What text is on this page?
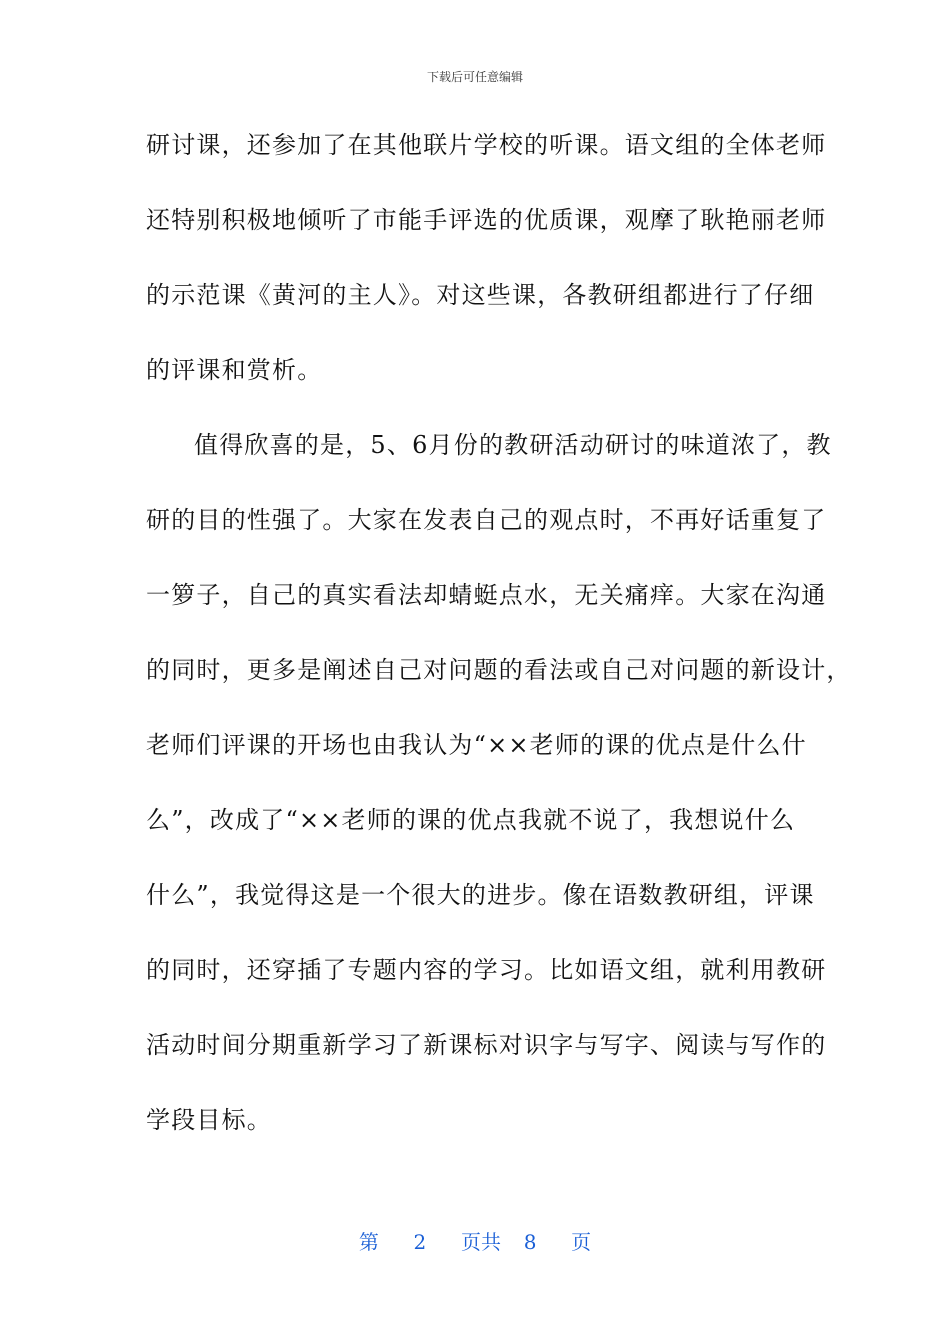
下载后可任意编辑
研讨课，还参加了在其他联片学校的听课。语文组的全体老师
还特别积极地倾听了市能手评选的优质课，观摩了耿艳丽老师
的示范课《黄河的主人》。对这些课，各教研组都进行了仔细
的评课和赏析。
值得欣喜的是，5、6月份的教研活动研讨的味道浓了，教
研的目的性强了。大家在发表自己的观点时，不再好话重复了
一箩子，自己的真实看法却蜻蜓点水，无关痛痒。大家在沟通
的同时，更多是阐述自己对问题的看法或自己对问题的新设计，
老师们评课的开场也由我认为“××老师的课的优点是什么什
么”，改成了“××老师的课的优点我就不说了，我想说什么
什么”，我觉得这是一个很大的进步。像在语数教研组，评课
的同时，还穿插了专题内容的学习。比如语文组，就利用教研
活动时间分期重新学习了新课标对识字与写字、阅读与写作的
学段目标。
第 2 页共 8 页
